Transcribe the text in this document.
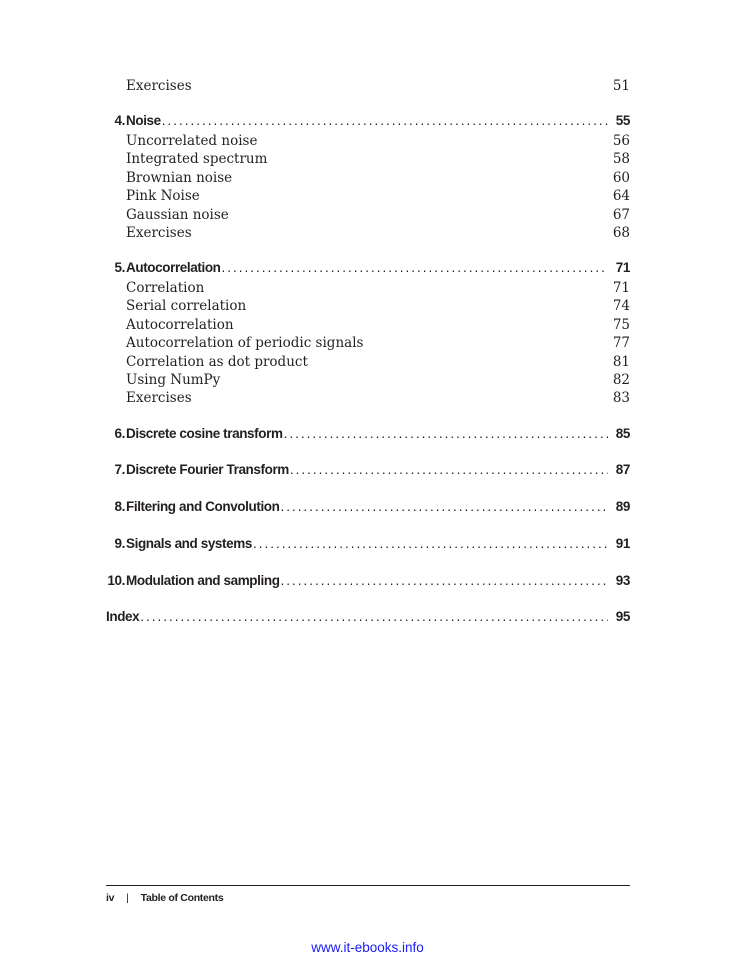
Exercises	51
4. Noise .....	55
Uncorrelated noise	56
Integrated spectrum	58
Brownian noise	60
Pink Noise	64
Gaussian noise	67
Exercises	68
5. Autocorrelation .....	71
Correlation	71
Serial correlation	74
Autocorrelation	75
Autocorrelation of periodic signals	77
Correlation as dot product	81
Using NumPy	82
Exercises	83
6. Discrete cosine transform .....	85
7. Discrete Fourier Transform .....	87
8. Filtering and Convolution .....	89
9. Signals and systems .....	91
10. Modulation and sampling .....	93
Index .....	95
iv | Table of Contents
www.it-ebooks.info
